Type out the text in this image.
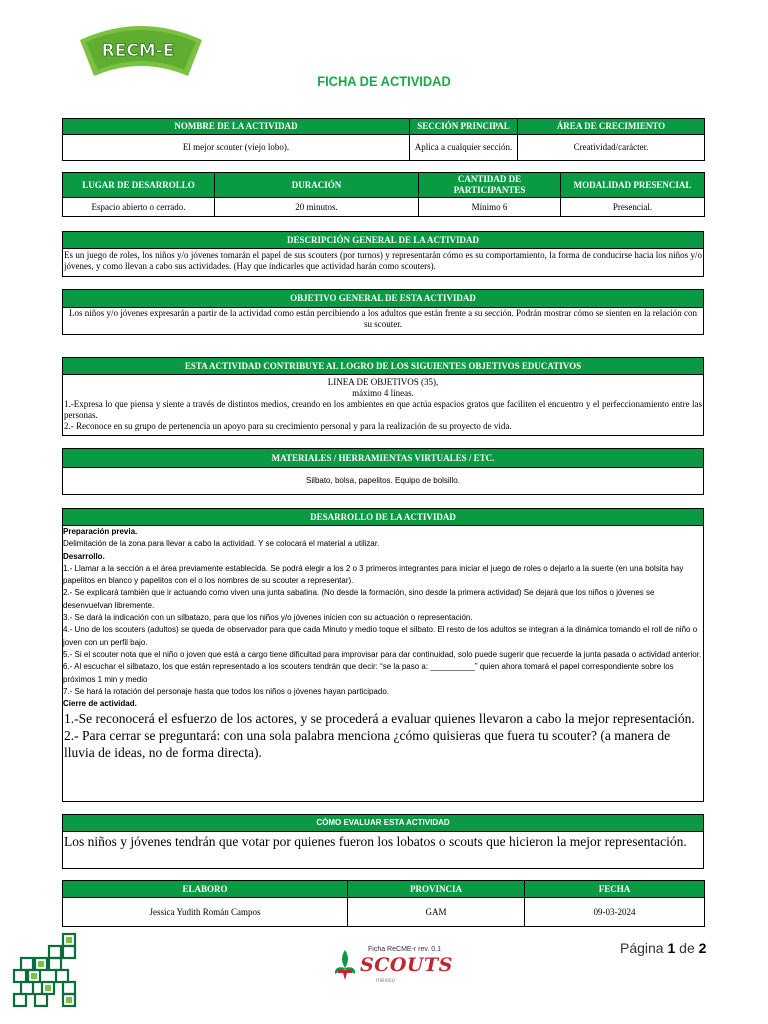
RECM-E
FICHA DE ACTIVIDAD
NOMBRE DE LA ACTIVIDAD	SECCIÓN PRINCIPAL	ÁREA DE CRECIMIENTO
El mejor scouter (viejo lobo).	Aplica a cualquier sección.	Creatividad/carácter.
LUGAR DE DESARROLLO	DURACIÓN	CANTIDAD DE PARTICIPANTES	MODALIDAD PRESENCIAL
Espacio abierto o cerrado.	20 minutos.	Mínimo 6	Presencial.
DESCRIPCIÓN GENERAL DE LA ACTIVIDAD
Es un juego de roles, los niños y/o jóvenes tomarán el papel de sus scouters (por turnos) y representarán cómo es su comportamiento, la forma de conducirse hacia los niños y/o jóvenes, y como llevan a cabo sus actividades. (Hay que indicarles que actividad harán como scouters).
OBJETIVO GENERAL DE ESTA ACTIVIDAD
Los niños y/o jóvenes expresarán a partir de la actividad como están percibiendo a los adultos que están frente a su sección. Podrán mostrar cómo se sienten en la relación con su scouter.
ESTA ACTIVIDAD CONTRIBUYE AL LOGRO DE LOS SIGUIENTES OBJETIVOS EDUCATIVOS
LINEA DE OBJETIVOS (35),
máximo 4 líneas.
1.-Expresa lo que piensa y siente a través de distintos medios, creando en los ambientes en que actúa espacios gratos que faciliten el encuentro y el perfeccionamiento entre las personas.
2.- Reconoce en su grupo de pertenencia un apoyo para su crecimiento personal y para la realización de su proyecto de vida.
MATERIALES / HERRAMIENTAS VIRTUALES / ETC.
Silbato, bolsa, papelitos. Equipo de bolsillo.
DESARROLLO DE LA ACTIVIDAD
Preparación previa.
Delimitación de la zona para llevar a cabo la actividad. Y se colocará el material a utilizar.
Desarrollo.
1.- Llamar a la sección a el área previamente establecida. Se podrá elegir a los 2 o 3 primeros integrantes para iniciar el juego de roles o dejarlo a la suerte (en una bolsita hay papelitos en blanco y papelitos con el o los nombres de su scouter a representar).
2.- Se explicará también que ir actuando como viven una junta sabatina. (No desde la formación, sino desde la primera actividad) Se dejará que los niños o jóvenes se desenvuelvan libremente.
3.- Se dará la indicación con un silbatazo, para que los niños y/o jóvenes inicien con su actuación o representación.
4.- Uno de los scouters (adultos) se queda de observador para que cada Minuto y medio toque el silbato. El resto de los adultos se integran a la dinámica tomando el roll de niño o joven con un perfil bajo.
5.- Si el scouter nota que el niño o joven que está a cargo tiene dificultad para improvisar para dar continuidad, solo puede sugerir que recuerde la junta pasada o actividad anterior.
6.- Al escuchar el silbatazo, los que están representado a los scouters tendrán que decir: “se la paso a: __________” quien ahora tomará el papel correspondiente sobre los próximos 1 min y medio
7.- Se hará la rotación del personaje hasta que todos los niños o jóvenes hayan participado.
Cierre de actividad.
1.-Se reconocerá el esfuerzo de los actores, y se procederá a evaluar quienes llevaron a cabo la mejor representación.
2.- Para cerrar se preguntará: con una sola palabra menciona ¿cómo quisieras que fuera tu scouter? (a manera de lluvia de ideas, no de forma directa).
CÓMO EVALUAR ESTA ACTIVIDAD
Los niños y jóvenes tendrán que votar por quienes fueron los lobatos o scouts que hicieron la mejor representación.
ELABORO	PROVINCIA	FECHA
Jessica Yudith Román Campos	GAM	09-03-2024
Ficha ReCME-r rev. 0.1
SCOUTS
méxico
Página 1 de 2
